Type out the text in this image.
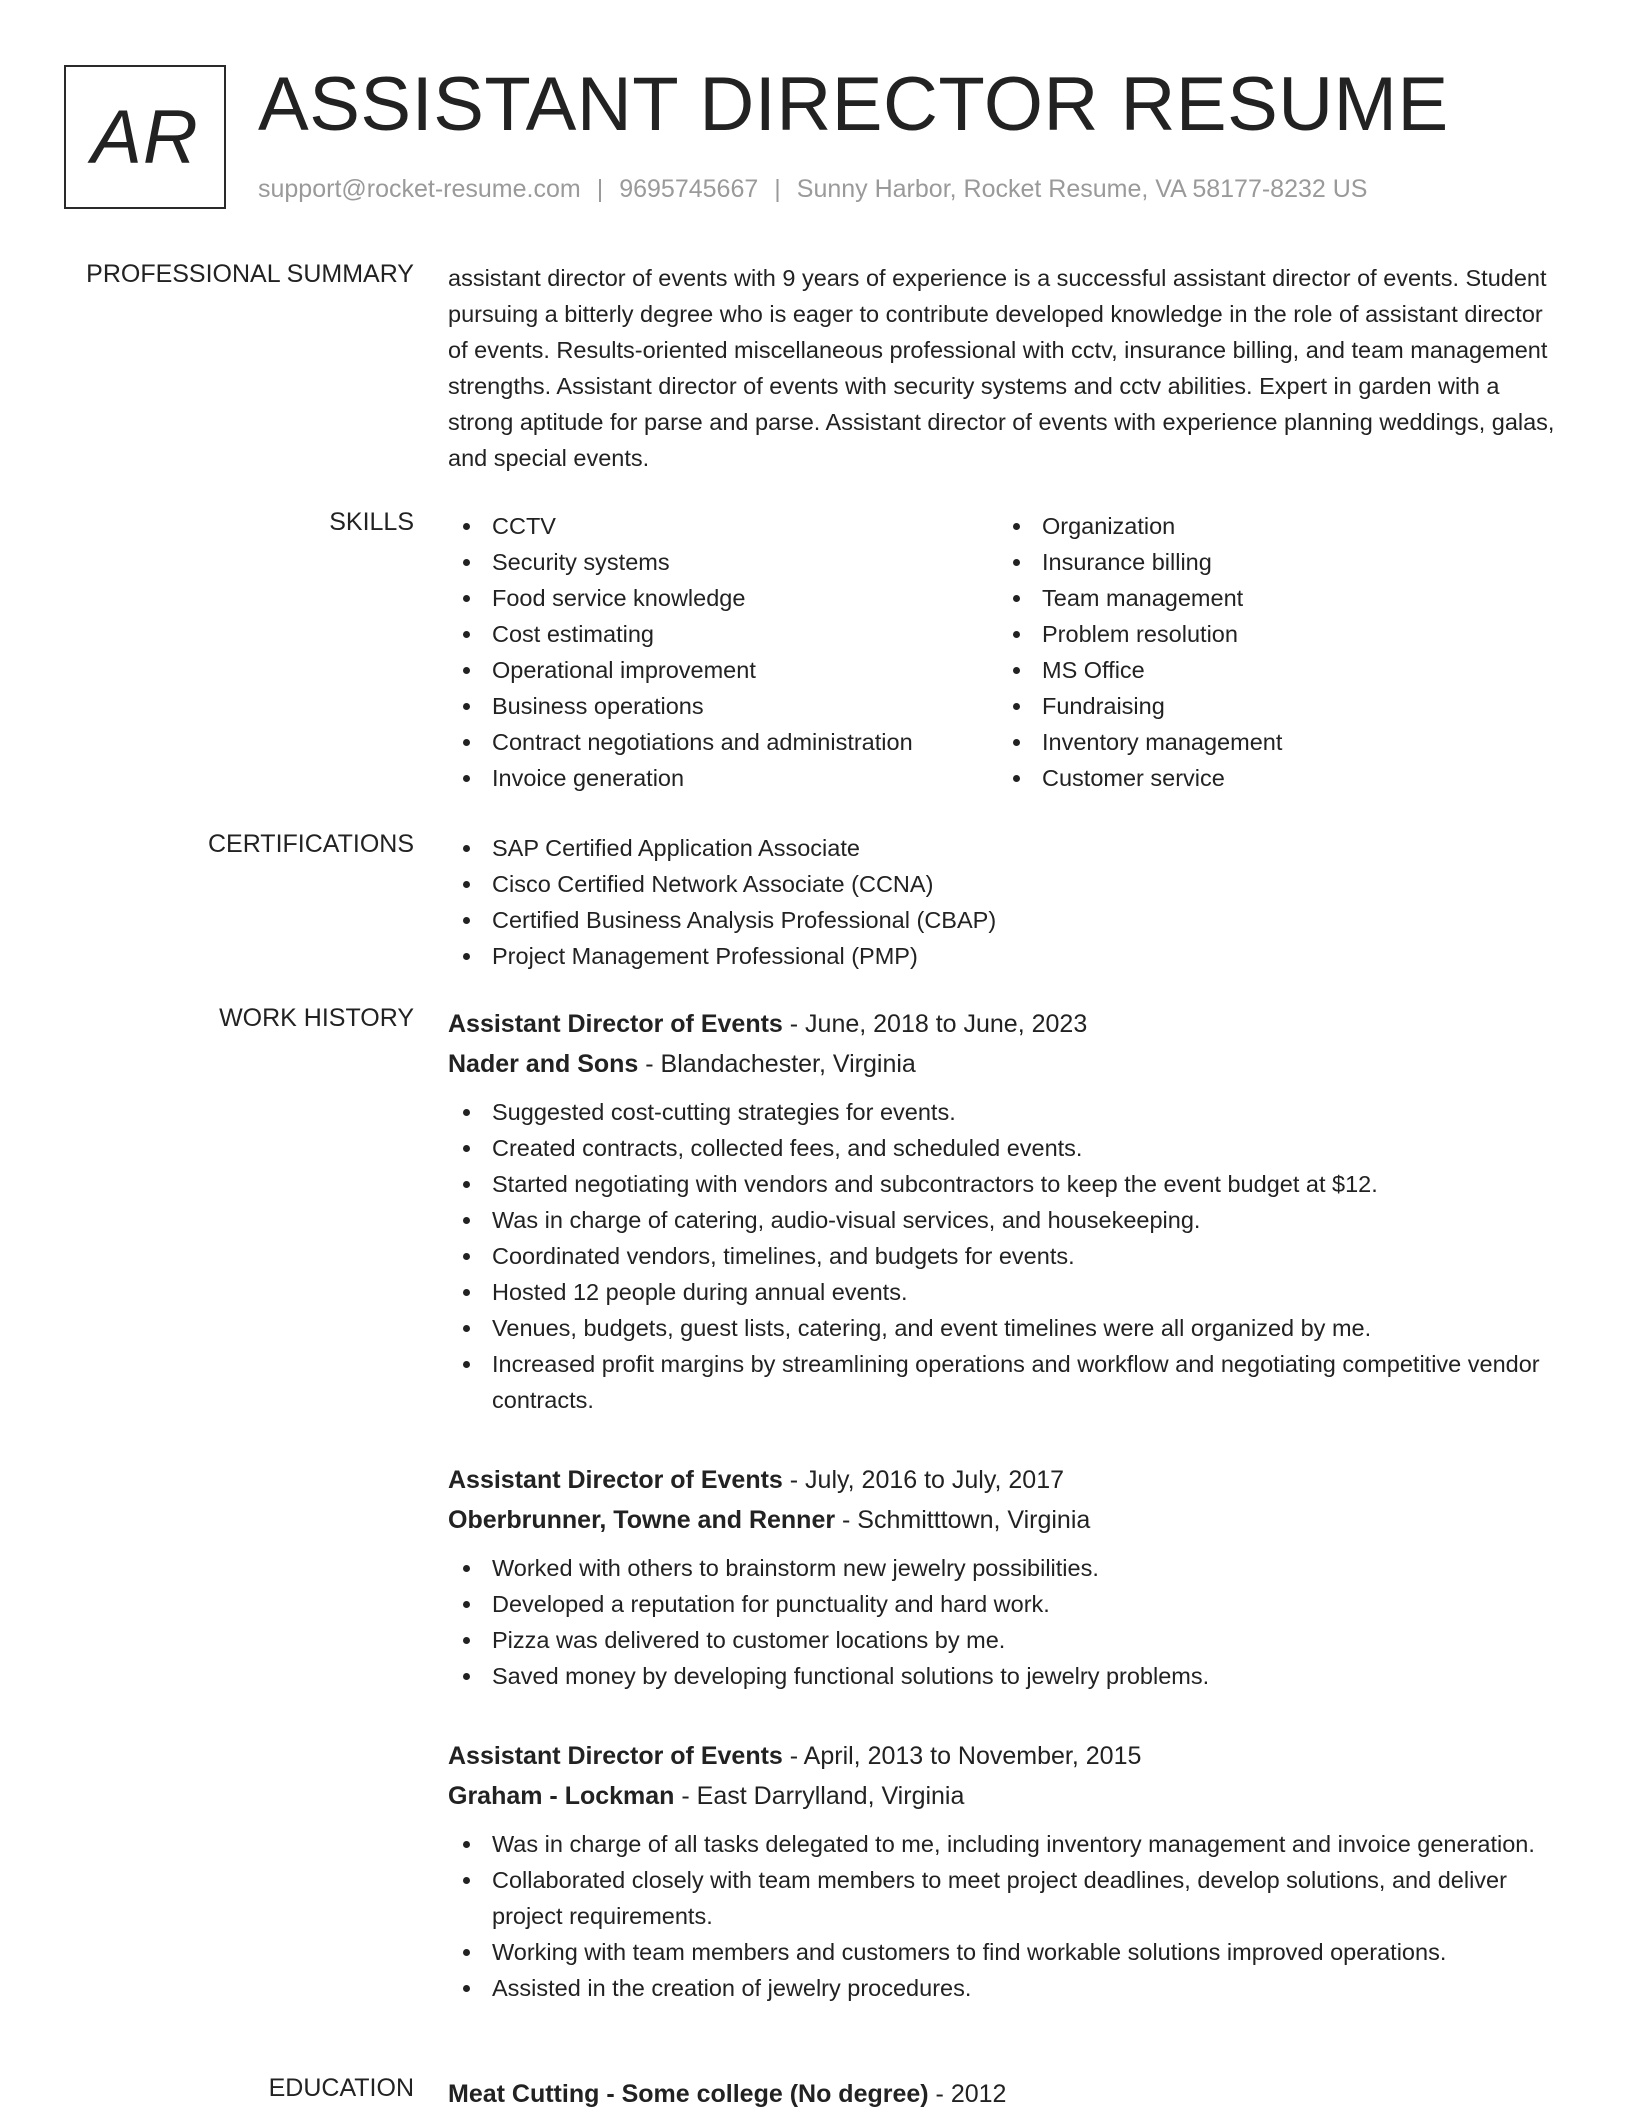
AR ASSISTANT DIRECTOR RESUME
support@rocket-resume.com | 9695745667 | Sunny Harbor, Rocket Resume, VA 58177-8232 US
PROFESSIONAL SUMMARY assistant director of events with 9 years of experience is a successful assistant director of events. Student pursuing a bitterly degree who is eager to contribute developed knowledge in the role of assistant director of events. Results-oriented miscellaneous professional with cctv, insurance billing, and team management strengths. Assistant director of events with security systems and cctv abilities. Expert in garden with a strong aptitude for parse and parse. Assistant director of events with experience planning weddings, galas, and special events.

SKILLS	CCTV
Security systems
Food service knowledge
Cost estimating
Operational improvement
Business operations
Contract negotiations and administration
Invoice generation
Organization
Insurance billing
Team management
Problem resolution
MS Office
Fundraising
Inventory management
Customer service
CERTIFICATIONS	SAP Certified Application Associate
Cisco Certified Network Associate (CCNA)
Certified Business Analysis Professional (CBAP)
Project Management Professional (PMP)
WORK HISTORY Assistant Director of Events - June, 2018 to June, 2023
Nader and Sons - Blandachester, Virginia
Suggested cost-cutting strategies for events.
Created contracts, collected fees, and scheduled events.
Started negotiating with vendors and subcontractors to keep the event budget at $12.
Was in charge of catering, audio-visual services, and housekeeping.
Coordinated vendors, timelines, and budgets for events.
Hosted 12 people during annual events.
Venues, budgets, guest lists, catering, and event timelines were all organized by me.
Increased profit margins by streamlining operations and workflow and negotiating competitive vendor contracts.
Assistant Director of Events - July, 2016 to July, 2017
Oberbrunner, Towne and Renner - Schmitttown, Virginia
Worked with others to brainstorm new jewelry possibilities.
Developed a reputation for punctuality and hard work.
Pizza was delivered to customer locations by me.
Saved money by developing functional solutions to jewelry problems.
Assistant Director of Events - April, 2013 to November, 2015
Graham - Lockman - East Darrylland, Virginia
Was in charge of all tasks delegated to me, including inventory management and invoice generation.
Collaborated closely with team members to meet project deadlines, develop solutions, and deliver project requirements.
Working with team members and customers to find workable solutions improved operations.
Assisted in the creation of jewelry procedures.
EDUCATION Meat Cutting - Some college (No degree) - 2012
